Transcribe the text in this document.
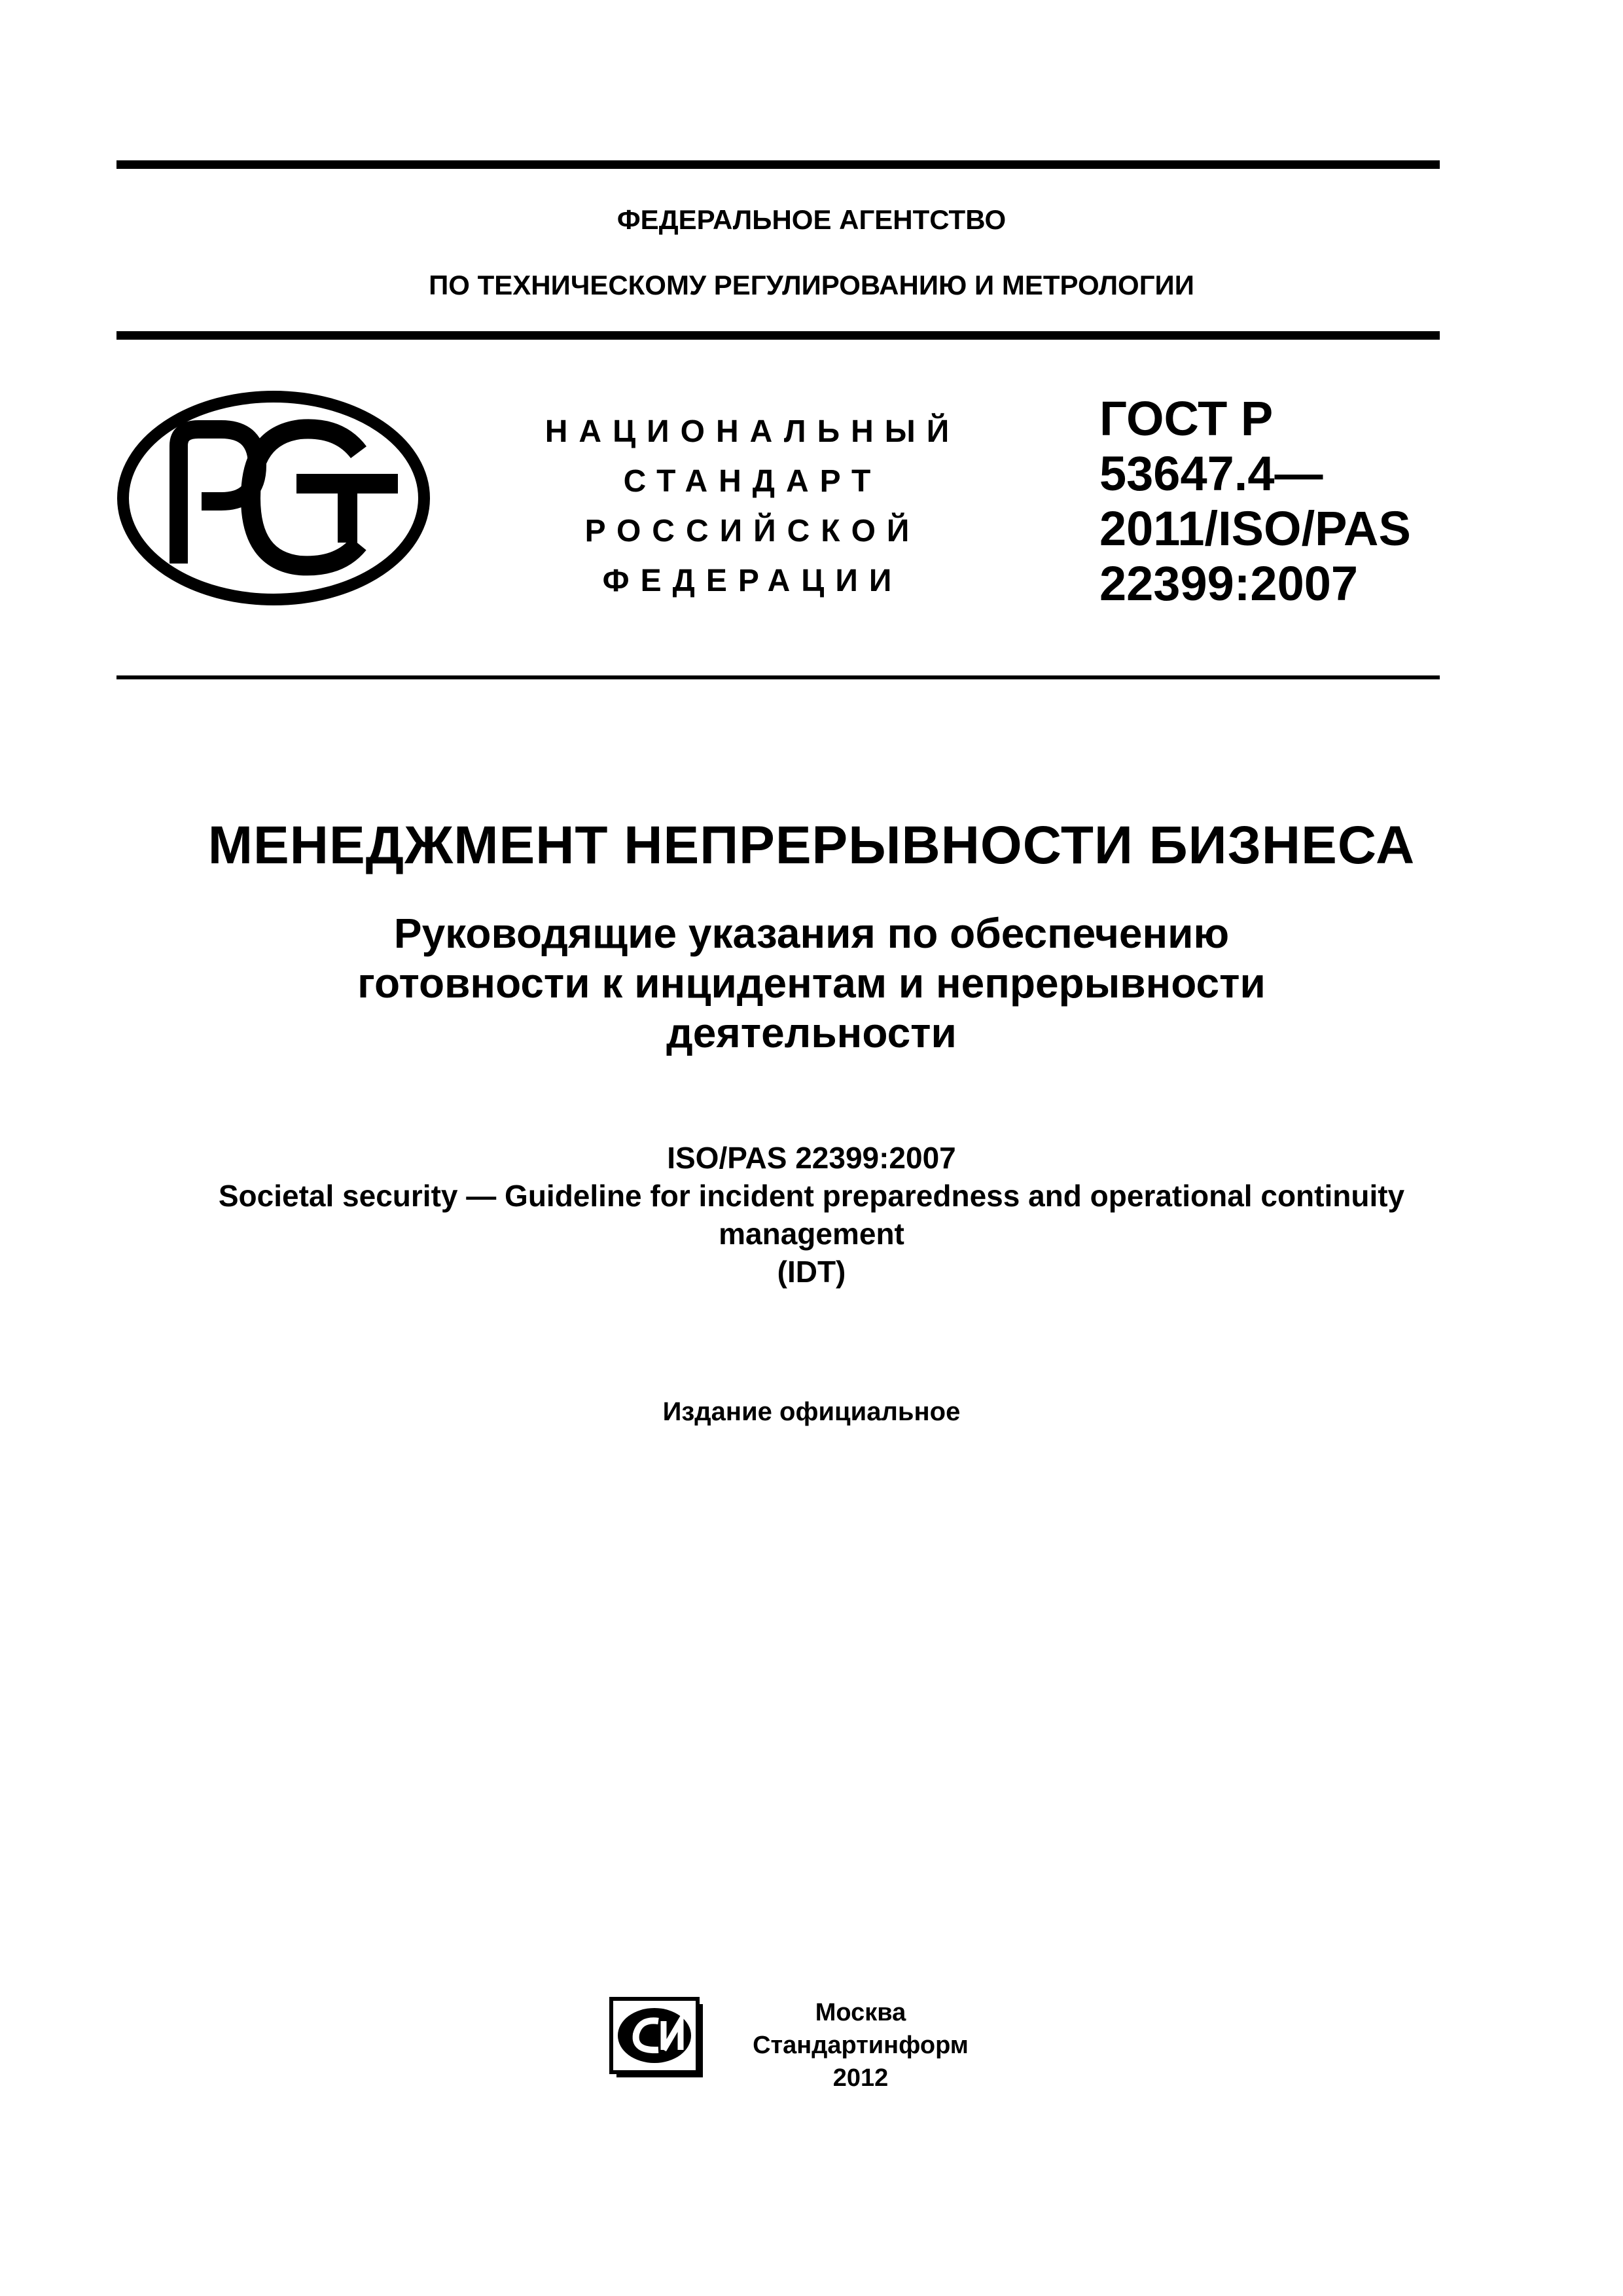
ФЕДЕРАЛЬНОЕ АГЕНТСТВО
ПО ТЕХНИЧЕСКОМУ РЕГУЛИРОВАНИЮ И МЕТРОЛОГИИ
НАЦИОНАЛЬНЫЙ
СТАНДАРТ
РОССИЙСКОЙ
ФЕДЕРАЦИИ
ГОСТ Р
53647.4—
2011/ISO/PAS
22399:2007
МЕНЕДЖМЕНТ НЕПРЕРЫВНОСТИ БИЗНЕСА
Руководящие указания по обеспечению
готовности к инцидентам и непрерывности
деятельности
ISO/PAS 22399:2007
Societal security — Guideline for incident preparedness and operational continuity
management
(IDT)
Издание официальное
Москва
Стандартинформ
2012
